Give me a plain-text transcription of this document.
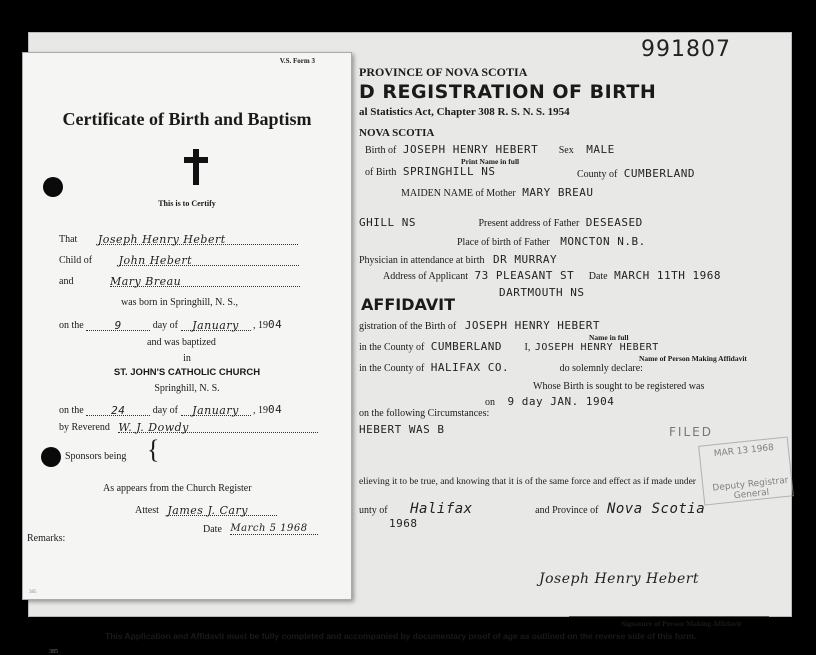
991807
PROVINCE OF NOVA SCOTIA
D REGISTRATION OF BIRTH
al Statistics Act, Chapter 308 R. S. N. S. 1954
NOVA SCOTIA
Birth of JOSEPH HENRY HEBERT Sex MALE
Print Name in full
of Birth SPRINGHILL NS	County of CUMBERLAND
MAIDEN NAME of Mother MARY BREAU
GHILL NS	Present address of Father DESEASED
Place of birth of Father MONCTON N.B.
Physician in attendance at birth DR MURRAY
Address of Applicant 73 PLEASANT ST Date MARCH 11TH 1968
DARTMOUTH NS
AFFIDAVIT
gistration of the Birth of JOSEPH HENRY HEBERT
Name in full
in the County of CUMBERLAND I, JOSEPH HENRY HEBERT
Name of Person Making Affidavit
in the County of HALIFAX CO.	do solemnly declare:
Whose Birth is sought to be registered was
on 9 day JAN. 1904
FILED
on the following Circumstances:
HEBERT WAS B
MAR 13 1968
Deputy Registrar General
elieving it to be true, and knowing that it is of the same force and effect as if made under
unty of Halifax	and Province of Nova Scotia
1968
Joseph Henry Hebert
Signature of Person Making Affidavit
This Application and Affidavit must be fully completed and accompanied by documentary proof of age as outlined on the reverse side of this form.
385
V.S. Form 3
Certificate of Birth and Baptism
This is to Certify
That Joseph Henry Hebert
Child of John Hebert
and	Mary Breau
was born in Springhill, N. S.,
on the	9	day of January , 1904
and was baptized
in
ST. JOHN'S CATHOLIC CHURCH
Springhill, N. S.
on the 24	day of January , 1904
by Reverend W. J. Dowdy
Sponsors being {
As appears from the Church Register
Attest James J. Cary
Date March 5 1968
Remarks:
385
